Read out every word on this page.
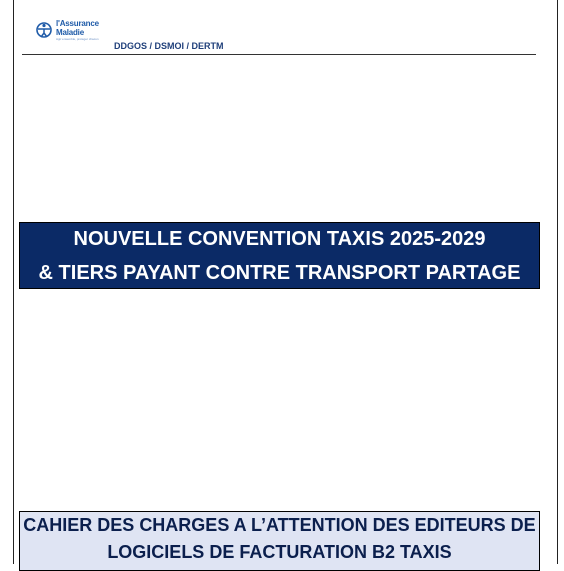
l'Assurance
Maladie
Agir ensemble, protéger chacun
DDGOS / DSMOI / DERTM
NOUVELLE CONVENTION TAXIS 2025-2029
& TIERS PAYANT CONTRE TRANSPORT PARTAGE
CAHIER DES CHARGES A L’ATTENTION DES EDITEURS DE
LOGICIELS DE FACTURATION B2 TAXIS
